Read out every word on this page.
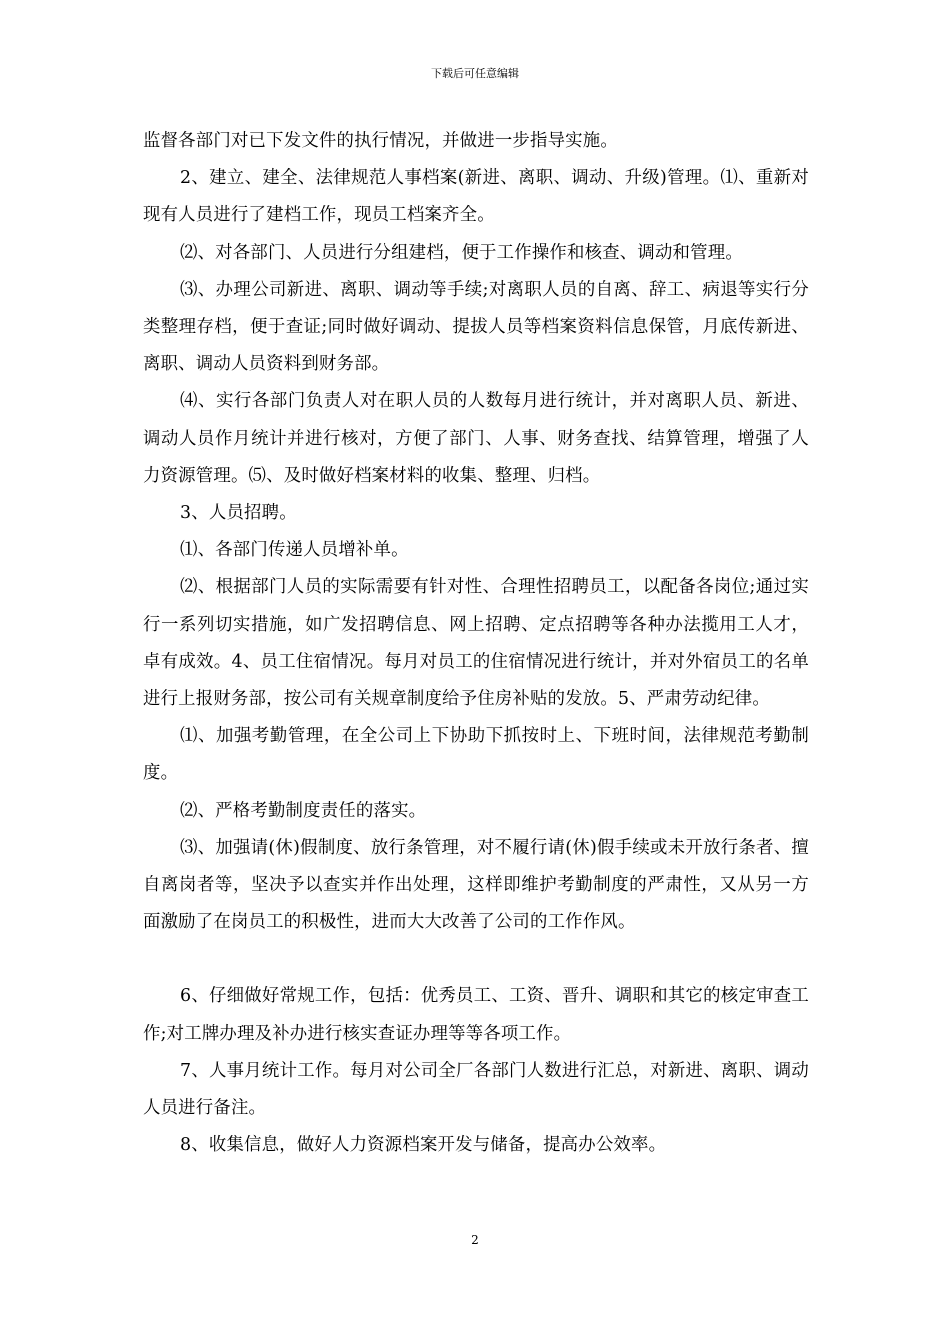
下载后可任意编辑

监督各部门对已下发文件的执行情况，并做进一步指导实施。

2、建立、建全、法律规范人事档案(新进、离职、调动、升级)管理。⑴、重新对现有人员进行了建档工作，现员工档案齐全。

⑵、对各部门、人员进行分组建档，便于工作操作和核查、调动和管理。

⑶、办理公司新进、离职、调动等手续;对离职人员的自离、辞工、病退等实行分类整理存档，便于查证;同时做好调动、提拔人员等档案资料信息保管，月底传新进、离职、调动人员资料到财务部。

⑷、实行各部门负责人对在职人员的人数每月进行统计，并对离职人员、新进、调动人员作月统计并进行核对，方便了部门、人事、财务查找、结算管理，增强了人力资源管理。⑸、及时做好档案材料的收集、整理、归档。

3、人员招聘。

⑴、各部门传递人员增补单。

⑵、根据部门人员的实际需要有针对性、合理性招聘员工，以配备各岗位;通过实行一系列切实措施，如广发招聘信息、网上招聘、定点招聘等各种办法揽用工人才，卓有成效。4、员工住宿情况。每月对员工的住宿情况进行统计，并对外宿员工的名单进行上报财务部，按公司有关规章制度给予住房补贴的发放。5、严肃劳动纪律。

⑴、加强考勤管理，在全公司上下协助下抓按时上、下班时间，法律规范考勤制度。

⑵、严格考勤制度责任的落实。

⑶、加强请(休)假制度、放行条管理，对不履行请(休)假手续或未开放行条者、擅自离岗者等，坚决予以查实并作出处理，这样即维护考勤制度的严肃性，又从另一方面激励了在岗员工的积极性，进而大大改善了公司的工作作风。

6、仔细做好常规工作，包括：优秀员工、工资、晋升、调职和其它的核定审查工作;对工牌办理及补办进行核实查证办理等等各项工作。

7、人事月统计工作。每月对公司全厂各部门人数进行汇总，对新进、离职、调动人员进行备注。

8、收集信息，做好人力资源档案开发与储备，提高办公效率。

2
